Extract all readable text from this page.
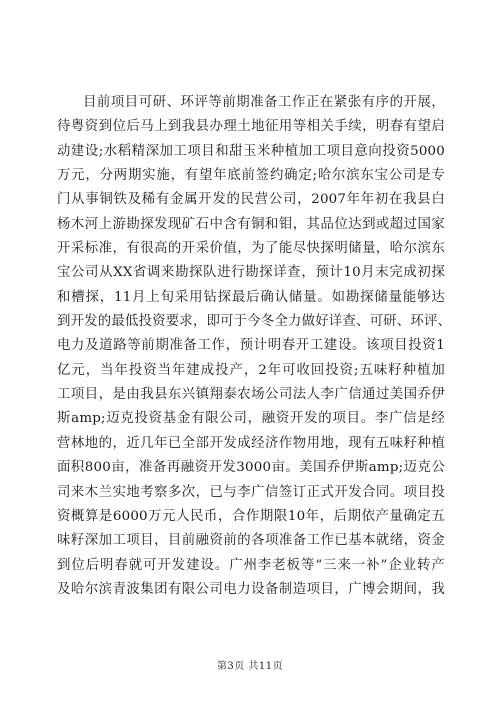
目前项目可研、环评等前期准备工作正在紧张有序的开展，
待粤资到位后马上到我县办理土地征用等相关手续，明春有望启
动建设;水稻精深加工项目和甜玉米种植加工项目意向投资5000
万元，分两期实施，有望年底前签约确定;哈尔滨东宝公司是专
门从事铜铁及稀有金属开发的民营公司，2007年年初在我县白
杨木河上游勘探发现矿石中含有铜和钼，其品位达到或超过国家
开采标准，有很高的开采价值，为了能尽快探明储量，哈尔滨东
宝公司从XX省调来勘探队进行勘探详查，预计10月末完成初探
和槽探，11月上旬采用钻探最后确认储量。如勘探储量能够达
到开发的最低投资要求，即可于今冬全力做好详查、可研、环评、
电力及道路等前期准备工作，预计明春开工建设。该项目投资1
亿元，当年投资当年建成投产，2年可收回投资;五味籽种植加
工项目，是由我县东兴镇翔泰农场公司法人李广信通过美国乔伊
斯amp;迈克投资基金有限公司，融资开发的项目。李广信是经
营林地的，近几年已全部开发成经济作物用地，现有五味籽种植
面积800亩，准备再融资开发3000亩。美国乔伊斯amp;迈克公
司来木兰实地考察多次，已与李广信签订正式开发合同。项目投
资概算是6000万元人民币，合作期限10年，后期依产量确定五
味籽深加工项目，目前融资前的各项准备工作已基本就绪，资金
到位后明春就可开发建设。广州李老板等“三来一补”企业转产
及哈尔滨青波集团有限公司电力设备制造项目，广博会期间，我
第3页 共11页
